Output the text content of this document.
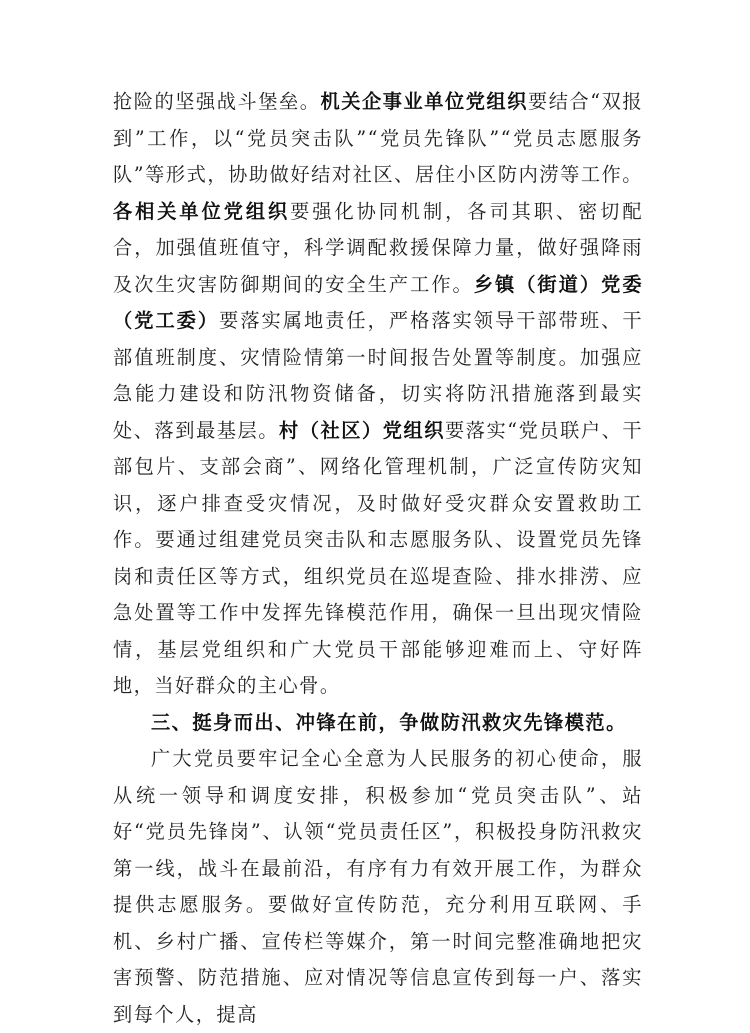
抢险的坚强战斗堡垒。机关企事业单位党组织要结合“双报到”工作，以“党员突击队”“党员先锋队”“党员志愿服务队”等形式，协助做好结对社区、居住小区防内涝等工作。各相关单位党组织要强化协同机制，各司其职、密切配合，加强值班值守，科学调配救援保障力量，做好强降雨及次生灾害防御期间的安全生产工作。乡镇（街道）党委（党工委）要落实属地责任，严格落实领导干部带班、干部值班制度、灾情险情第一时间报告处置等制度。加强应急能力建设和防汛物资储备，切实将防汛措施落到最实处、落到最基层。村（社区）党组织要落实“党员联户、干部包片、支部会商”、网络化管理机制，广泛宣传防灾知识，逐户排查受灾情况，及时做好受灾群众安置救助工作。要通过组建党员突击队和志愿服务队、设置党员先锋岗和责任区等方式，组织党员在巡堤查险、排水排涝、应急处置等工作中发挥先锋模范作用，确保一旦出现灾情险情，基层党组织和广大党员干部能够迎难而上、守好阵地，当好群众的主心骨。

三、挺身而出、冲锋在前，争做防汛救灾先锋模范。

广大党员要牢记全心全意为人民服务的初心使命，服从统一领导和调度安排，积极参加“党员突击队”、站好“党员先锋岗”、认领“党员责任区”，积极投身防汛救灾第一线，战斗在最前沿，有序有力有效开展工作，为群众提供志愿服务。要做好宣传防范，充分利用互联网、手机、乡村广播、宣传栏等媒介，第一时间完整准确地把灾害预警、防范措施、应对情况等信息宣传到每一户、落实到每个人，提高
